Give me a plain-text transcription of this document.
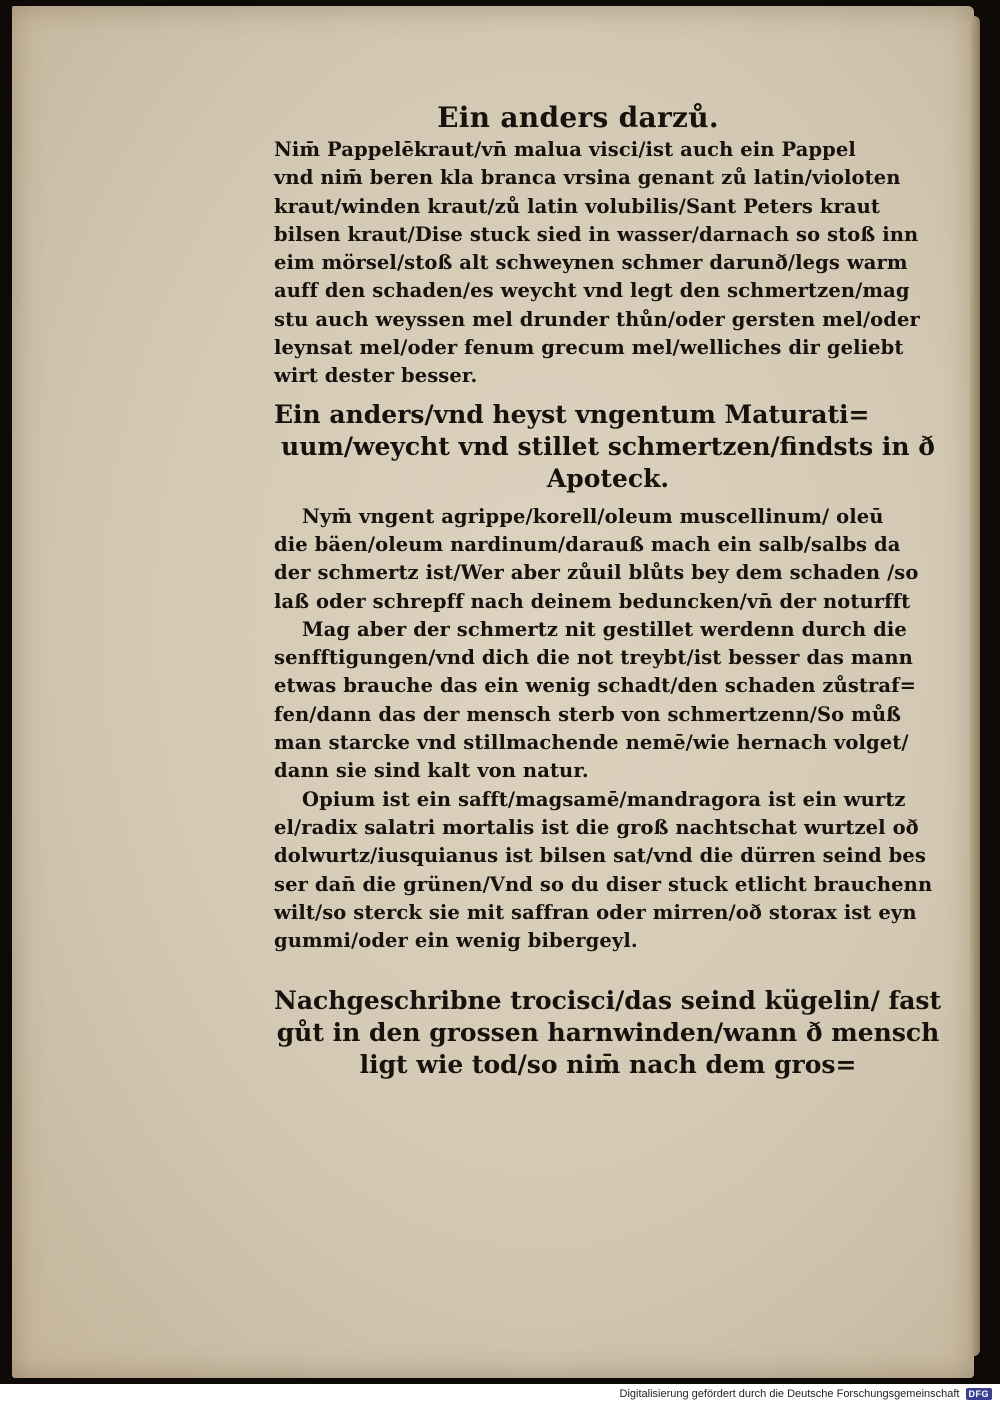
Ein anders darzů.

Nim̄ Pappelēkraut/vn̄ malua visci/ist auch ein Pappel

vnd nim̄ beren kla branca vrsina genant zů latin/violoten

kraut/winden kraut/zů latin volubilis/Sant Peters kraut

bilsen kraut/Dise stuck sied in wasser/darnach so stoß inn

eim mörsel/stoß alt schweynen schmer darunð/legs warm

auff den schaden/es weycht vnd legt den schmertzen/mag

stu auch weyssen mel drunder thůn/oder gersten mel/oder

leynsat mel/oder fenum grecum mel/welliches dir geliebt

wirt dester besser.

Ein anders/vnd heyst vngentum Maturati=

uum/weycht vnd stillet schmertzen/findsts in ð

Apoteck.

Nym̄ vngent agrippe/korell/oleum muscellinum/ oleū

die bäen/oleum nardinum/darauß mach ein salb/salbs da

der schmertz ist/Wer aber zůuil blůts bey dem schaden /so

laß oder schrepff nach deinem beduncken/vn̄ der noturfft

Mag aber der schmertz nit gestillet werdenn durch die

senfftigungen/vnd dich die not treybt/ist besser das mann

etwas brauche das ein wenig schadt/den schaden zůstraf=

fen/dann das der mensch sterb von schmertzenn/So můß

man starcke vnd stillmachende nemē/wie hernach volget/

dann sie sind kalt von natur.

Opium ist ein safft/magsamē/mandragora ist ein wurtz

el/radix salatri mortalis ist die groß nachtschat wurtzel oð

dolwurtz/iusquianus ist bilsen sat/vnd die dürren seind bes

ser dan̄ die grünen/Vnd so du diser stuck etlicht brauchenn

wilt/so sterck sie mit saffran oder mirren/oð storax ist eyn

gummi/oder ein wenig bibergeyl.

Nachgeschribne trocisci/das seind kügelin/ fast

gůt in den grossen harnwinden/wann ð mensch

ligt wie tod/so nim̄ nach dem gros=

Digitalisierung gefördert durch die Deutsche Forschungsgemeinschaft	DFG
